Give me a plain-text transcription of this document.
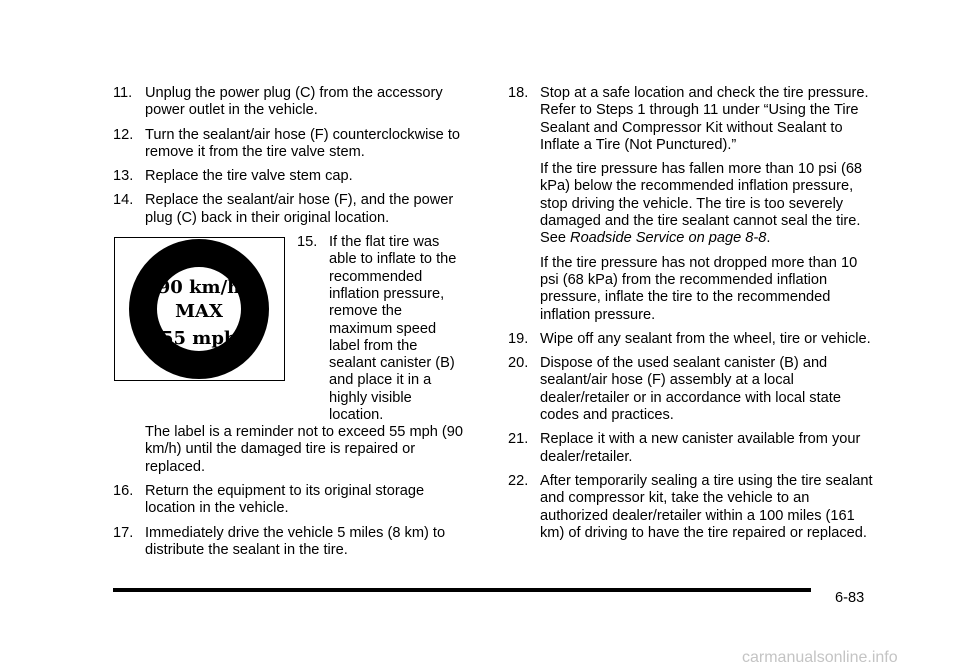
11. Unplug the power plug (C) from the accessory power outlet in the vehicle.
12. Turn the sealant/air hose (F) counterclockwise to remove it from the tire valve stem.
13. Replace the tire valve stem cap.
14. Replace the sealant/air hose (F), and the power plug (C) back in their original location.
90 km/h
MAX
55 mph
15. If the flat tire was able to inflate to the recommended inflation pressure, remove the maximum speed label from the sealant canister (B) and place it in a highly visible location.
The label is a reminder not to exceed 55 mph (90 km/h) until the damaged tire is repaired or replaced.
16. Return the equipment to its original storage location in the vehicle.
17. Immediately drive the vehicle 5 miles (8 km) to distribute the sealant in the tire.
18. Stop at a safe location and check the tire pressure. Refer to Steps 1 through 11 under “Using the Tire Sealant and Compressor Kit without Sealant to Inflate a Tire (Not Punctured).”
If the tire pressure has fallen more than 10 psi (68 kPa) below the recommended inflation pressure, stop driving the vehicle. The tire is too severely damaged and the tire sealant cannot seal the tire. See Roadside Service on page 8-8.
If the tire pressure has not dropped more than 10 psi (68 kPa) from the recommended inflation pressure, inflate the tire to the recommended inflation pressure.
19. Wipe off any sealant from the wheel, tire or vehicle.
20. Dispose of the used sealant canister (B) and sealant/air hose (F) assembly at a local dealer/retailer or in accordance with local state codes and practices.
21. Replace it with a new canister available from your dealer/retailer.
22. After temporarily sealing a tire using the tire sealant and compressor kit, take the vehicle to an authorized dealer/retailer within a 100 miles (161 km) of driving to have the tire repaired or replaced.
6-83
carmanualsonline.info
